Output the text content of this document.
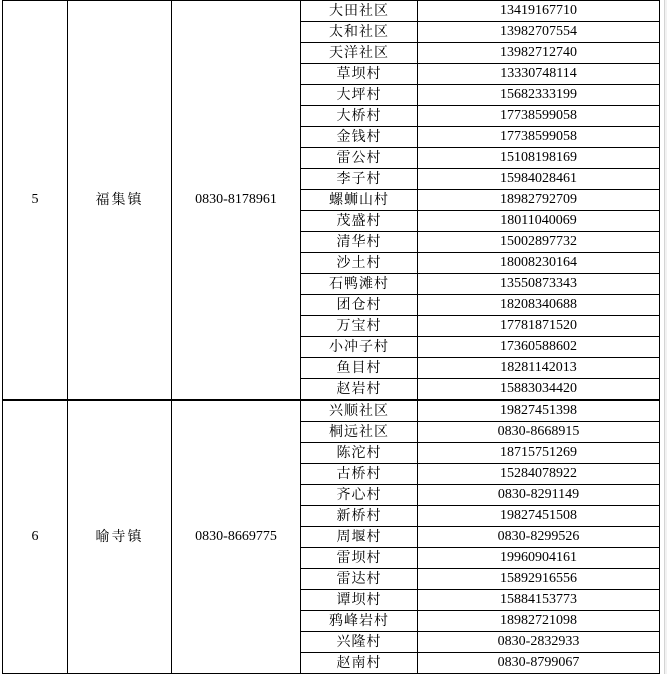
5	福集镇	0830-8178961	大田社区	13419167710
			太和社区	13982707554
			天洋社区	13982712740
			草坝村	13330748114
			大坪村	15682333199
			大桥村	17738599058
			金钱村	17738599058
			雷公村	15108198169
			李子村	15984028461
			螺蛳山村	18982792709
			茂盛村	18011040069
			清华村	15002897732
			沙土村	18008230164
			石鸭滩村	13550873343
			团仓村	18208340688
			万宝村	17781871520
			小冲子村	17360588602
			鱼目村	18281142013
			赵岩村	15883034420
6	喻寺镇	0830-8669775	兴顺社区	19827451398
			桐远社区	0830-8668915
			陈沱村	18715751269
			古桥村	15284078922
			齐心村	0830-8291149
			新桥村	19827451508
			周堰村	0830-8299526
			雷坝村	19960904161
			雷达村	15892916556
			谭坝村	15884153773
			鸦峰岩村	18982721098
			兴隆村	0830-2832933
			赵南村	0830-8799067
